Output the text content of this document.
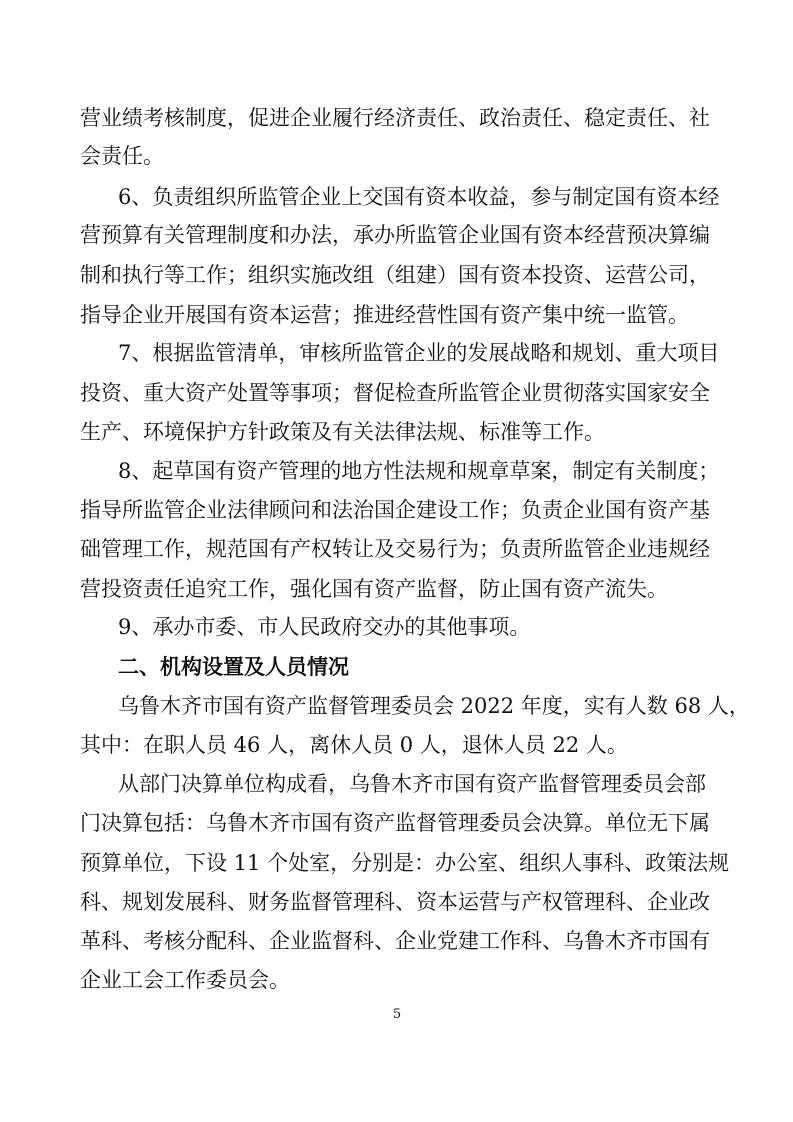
营业绩考核制度，促进企业履行经济责任、政治责任、稳定责任、社
会责任。
6、负责组织所监管企业上交国有资本收益，参与制定国有资本经
营预算有关管理制度和办法，承办所监管企业国有资本经营预决算编
制和执行等工作；组织实施改组（组建）国有资本投资、运营公司，
指导企业开展国有资本运营；推进经营性国有资产集中统一监管。
7、根据监管清单，审核所监管企业的发展战略和规划、重大项目
投资、重大资产处置等事项；督促检查所监管企业贯彻落实国家安全
生产、环境保护方针政策及有关法律法规、标准等工作。
8、起草国有资产管理的地方性法规和规章草案，制定有关制度；
指导所监管企业法律顾问和法治国企建设工作；负责企业国有资产基
础管理工作，规范国有产权转让及交易行为；负责所监管企业违规经
营投资责任追究工作，强化国有资产监督，防止国有资产流失。
9、承办市委、市人民政府交办的其他事项。
二、机构设置及人员情况
乌鲁木齐市国有资产监督管理委员会 2022 年度，实有人数 68 人，
其中：在职人员 46 人，离休人员 0 人，退休人员 22 人。
从部门决算单位构成看，乌鲁木齐市国有资产监督管理委员会部
门决算包括：乌鲁木齐市国有资产监督管理委员会决算。单位无下属
预算单位，下设 11 个处室，分别是：办公室、组织人事科、政策法规
科、规划发展科、财务监督管理科、资本运营与产权管理科、企业改
革科、考核分配科、企业监督科、企业党建工作科、乌鲁木齐市国有
企业工会工作委员会。
5
